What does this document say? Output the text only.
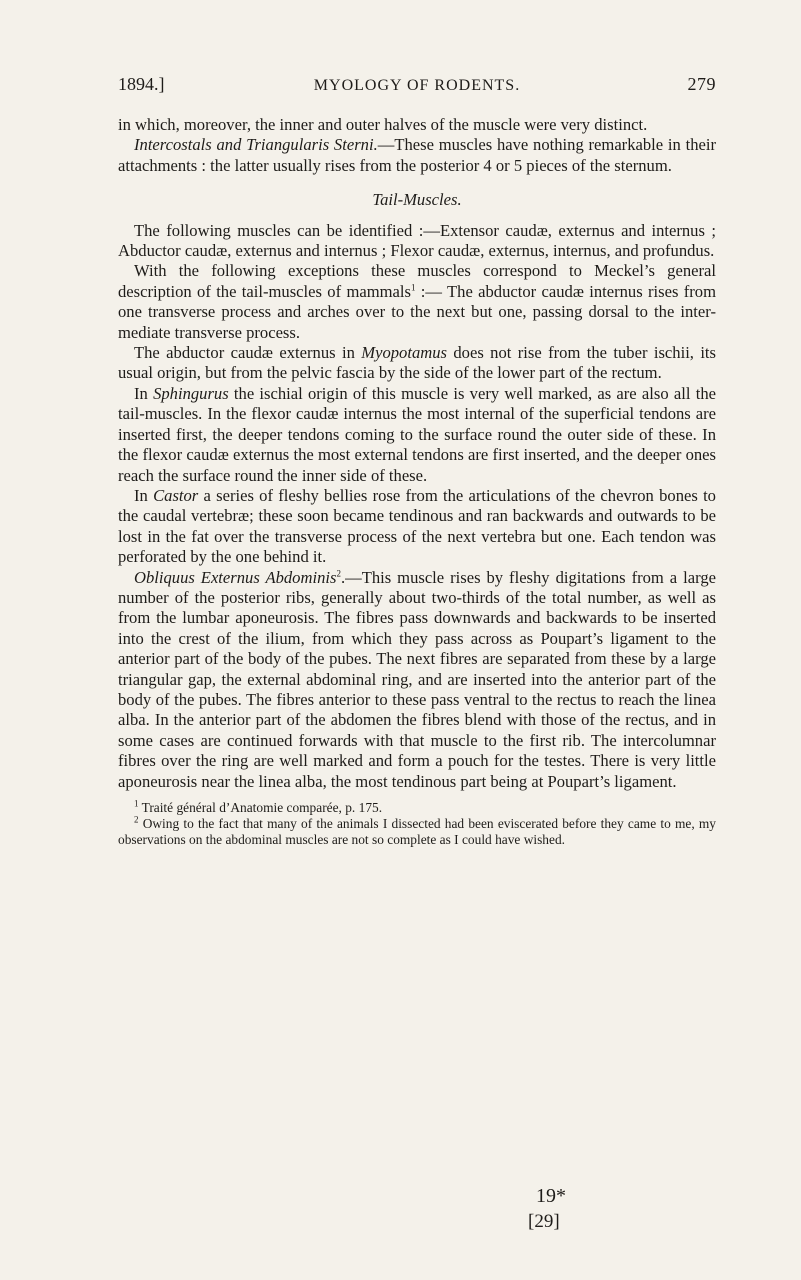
1894.]	MYOLOGY OF RODENTS.	279

in which, moreover, the inner and outer halves of the muscle were very distinct.

Intercostals and Triangularis Sterni.—These muscles have nothing remarkable in their attachments : the latter usually rises from the posterior 4 or 5 pieces of the sternum.

Tail-Muscles.

The following muscles can be identified :—Extensor caudæ, externus and internus ; Abductor caudæ, externus and internus ; Flexor caudæ, externus, internus, and profundus.

With the following exceptions these muscles correspond to Meckel’s general description of the tail-muscles of mammals$^1$ :— The abductor caudæ internus rises from one transverse process and arches over to the next but one, passing dorsal to the inter-mediate transverse process.

The abductor caudæ externus in Myopotamus does not rise from the tuber ischii, its usual origin, but from the pelvic fascia by the side of the lower part of the rectum.

In Sphingurus the ischial origin of this muscle is very well marked, as are also all the tail-muscles. In the flexor caudæ internus the most internal of the superficial tendons are inserted first, the deeper tendons coming to the surface round the outer side of these. In the flexor caudæ externus the most external tendons are first inserted, and the deeper ones reach the surface round the inner side of these.

In Castor a series of fleshy bellies rose from the articulations of the chevron bones to the caudal vertebræ; these soon became tendinous and ran backwards and outwards to be lost in the fat over the transverse process of the next vertebra but one. Each tendon was perforated by the one behind it.

Obliquus Externus Abdominis$^2$.—This muscle rises by fleshy digitations from a large number of the posterior ribs, generally about two-thirds of the total number, as well as from the lumbar aponeurosis. The fibres pass downwards and backwards to be inserted into the crest of the ilium, from which they pass across as Poupart’s ligament to the anterior part of the body of the pubes. The next fibres are separated from these by a large triangular gap, the external abdominal ring, and are inserted into the anterior part of the body of the pubes. The fibres anterior to these pass ventral to the rectus to reach the linea alba. In the anterior part of the abdomen the fibres blend with those of the rectus, and in some cases are continued forwards with that muscle to the first rib. The intercolumnar fibres over the ring are well marked and form a pouch for the testes. There is very little aponeurosis near the linea alba, the most tendinous part being at Poupart’s ligament.

$^1$ Traité général d’Anatomie comparée, p. 175.

$^2$ Owing to the fact that many of the animals I dissected had been eviscerated before they came to me, my observations on the abdominal muscles are not so complete as I could have wished.

19*
[29]
